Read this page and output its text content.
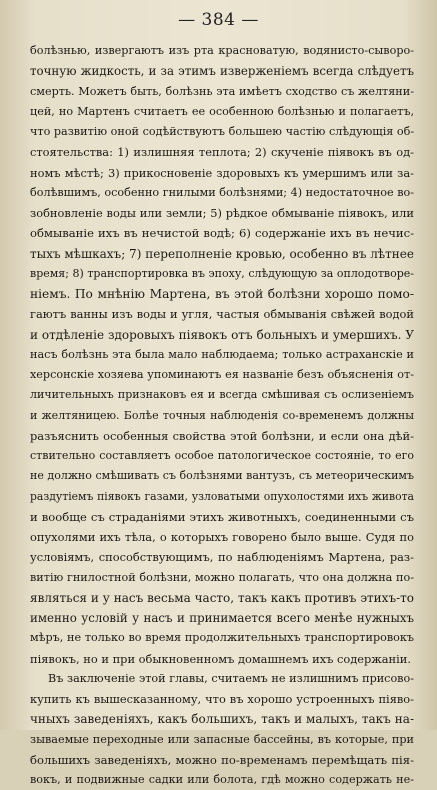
— 384 —
болѣзнью, извергаютъ изъ рта красноватую, водянисто-сыворо-
точную жидкость, и за этимъ изверженіемъ всегда слѣдуетъ
смерть. Можетъ быть, болѣзнь эта имѣетъ сходство съ желтяни-
цей, но Мартенъ считаетъ ее особенною болѣзнью и полагаетъ,
что развитію оной содѣйствуютъ большею частію слѣдующія об-
стоятельства: 1) излишняя теплота; 2) скученіе піявокъ въ од-
номъ мѣстѣ; 3) прикосновеніе здоровыхъ къ умершимъ или за-
болѣвшимъ, особенно гнилыми болѣзнями; 4) недостаточное во-
зобновленіе воды или земли; 5) рѣдкое обмываніе піявокъ, или
обмываніе ихъ въ нечистой водѣ; 6) содержаніе ихъ въ нечис-
тыхъ мѣшкахъ; 7) переполненіе кровью, особенно въ лѣтнее
время; 8) транспортировка въ эпоху, слѣдующую за оплодотворе-
ніемъ. По мнѣнію Мартена, въ этой болѣзни хорошо помо-
гаютъ ванны изъ воды и угля, частыя обмыванія свѣжей водой
и отдѣленіе здоровыхъ піявокъ отъ больныхъ и умершихъ. У
насъ болѣзнь эта была мало наблюдаема; только астраханскіе и
херсонскіе хозяева упоминаютъ ея названіе безъ объясненія от-
личительныхъ признаковъ ея и всегда смѣшивая съ ослизеніемъ
и желтяницею. Болѣе точныя наблюденія со-временемъ должны
разъяснить особенныя свойства этой болѣзни, и если она дѣй-
ствительно составляетъ особое патологическое состояніе, то его
не должно смѣшивать съ болѣзнями вантузъ, съ метеорическимъ
раздутіемъ піявокъ газами, узловатыми опухолостями ихъ живота
и вообще съ страданіями этихъ животныхъ, соединенными съ
опухолями ихъ тѣла, о которыхъ говорено было выше. Судя по
условіямъ, способствующимъ, по наблюденіямъ Мартена, раз-
витію гнилостной болѣзни, можно полагать, что она должна по-
являться и у насъ весьма часто, такъ какъ противъ этихъ-то
именно условій у насъ и принимается всего менѣе нужныхъ
мѣръ, не только во время продолжительныхъ транспортировокъ
піявокъ, но и при обыкновенномъ домашнемъ ихъ содержаніи.
Въ заключеніе этой главы, считаемъ не излишнимъ присово-
купить къ вышесказанному, что въ хорошо устроенныхъ піяво-
чныхъ заведеніяхъ, какъ большихъ, такъ и малыхъ, такъ на-
зываемые переходные или запасные бассейны, въ которые, при
большихъ заведеніяхъ, можно по-временамъ перемѣщать пія-
вокъ, и подвижные садки или болота, гдѣ можно содержать не-
